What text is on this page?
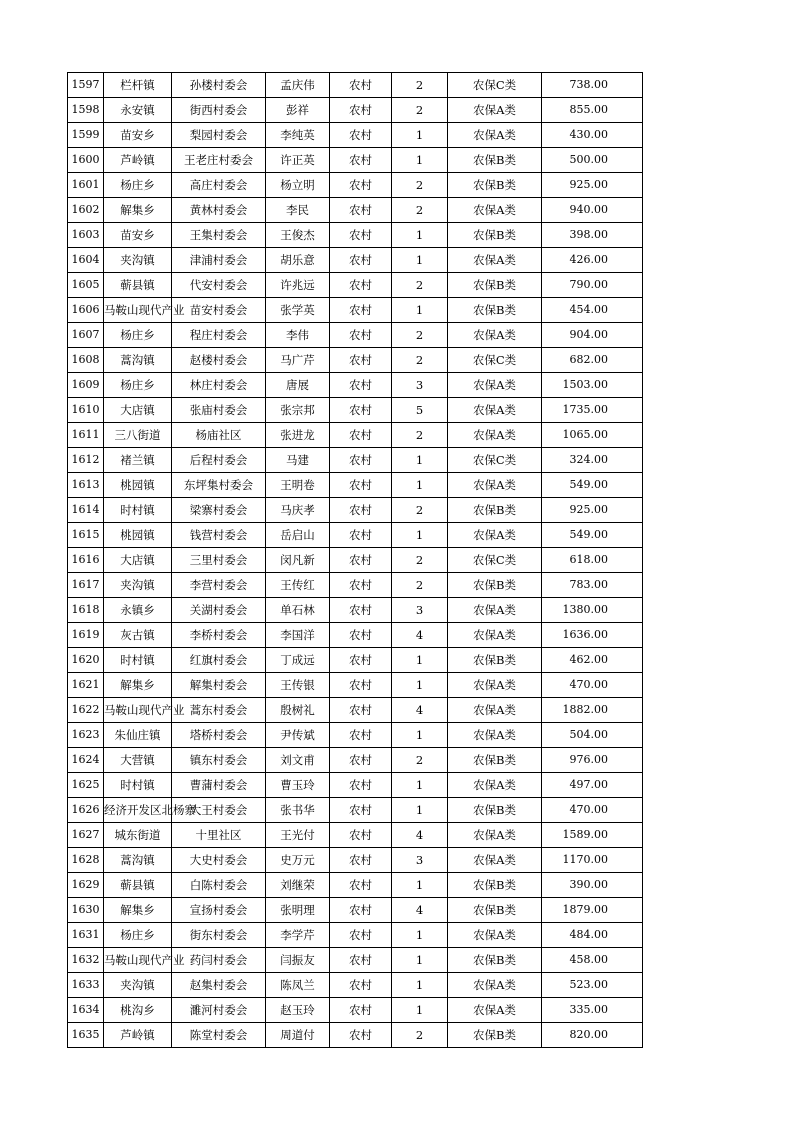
1597	栏杆镇	孙楼村委会	孟庆伟	农村	2	农保C类	738.00
1598	永安镇	街西村委会	彭祥	农村	2	农保A类	855.00
1599	苗安乡	梨园村委会	李纯英	农村	1	农保A类	430.00
1600	芦岭镇	王老庄村委会	许正英	农村	1	农保B类	500.00
1601	杨庄乡	高庄村委会	杨立明	农村	2	农保B类	925.00
1602	解集乡	黄林村委会	李民	农村	2	农保A类	940.00
1603	苗安乡	王集村委会	王俊杰	农村	1	农保B类	398.00
1604	夹沟镇	津浦村委会	胡乐意	农村	1	农保A类	426.00
1605	蕲县镇	代安村委会	许兆远	农村	2	农保B类	790.00
1606	马鞍山现代产业	苗安村委会	张学英	农村	1	农保B类	454.00
1607	杨庄乡	程庄村委会	李伟	农村	2	农保A类	904.00
1608	蒿沟镇	赵楼村委会	马广芹	农村	2	农保C类	682.00
1609	杨庄乡	林庄村委会	唐展	农村	3	农保A类	1503.00
1610	大店镇	张庙村委会	张宗邦	农村	5	农保A类	1735.00
1611	三八街道	杨庙社区	张进龙	农村	2	农保A类	1065.00
1612	褚兰镇	后程村委会	马建	农村	1	农保C类	324.00
1613	桃园镇	东坪集村委会	王明卷	农村	1	农保A类	549.00
1614	时村镇	梁寨村委会	马庆孝	农村	2	农保B类	925.00
1615	桃园镇	钱营村委会	岳启山	农村	1	农保A类	549.00
1616	大店镇	三里村委会	闵凡新	农村	2	农保C类	618.00
1617	夹沟镇	李营村委会	王传红	农村	2	农保B类	783.00
1618	永镇乡	关湖村委会	单石林	农村	3	农保A类	1380.00
1619	灰古镇	李桥村委会	李国洋	农村	4	农保A类	1636.00
1620	时村镇	红旗村委会	丁成远	农村	1	农保B类	462.00
1621	解集乡	解集村委会	王传银	农村	1	农保A类	470.00
1622	马鞍山现代产业	蒿东村委会	殷树礼	农村	4	农保A类	1882.00
1623	朱仙庄镇	塔桥村委会	尹传斌	农村	1	农保A类	504.00
1624	大营镇	镇东村委会	刘文甫	农村	2	农保B类	976.00
1625	时村镇	曹蒲村委会	曹玉玲	农村	1	农保A类	497.00
1626	经济开发区北杨寨	大王村委会	张书华	农村	1	农保B类	470.00
1627	城东街道	十里社区	王光付	农村	4	农保A类	1589.00
1628	蒿沟镇	大史村委会	史万元	农村	3	农保A类	1170.00
1629	蕲县镇	白陈村委会	刘继荣	农村	1	农保B类	390.00
1630	解集乡	宣扬村委会	张明理	农村	4	农保B类	1879.00
1631	杨庄乡	街东村委会	李学芹	农村	1	农保A类	484.00
1632	马鞍山现代产业	药闫村委会	闫振友	农村	1	农保B类	458.00
1633	夹沟镇	赵集村委会	陈凤兰	农村	1	农保A类	523.00
1634	桃沟乡	濉河村委会	赵玉玲	农村	1	农保A类	335.00
1635	芦岭镇	陈堂村委会	周道付	农村	2	农保B类	820.00
